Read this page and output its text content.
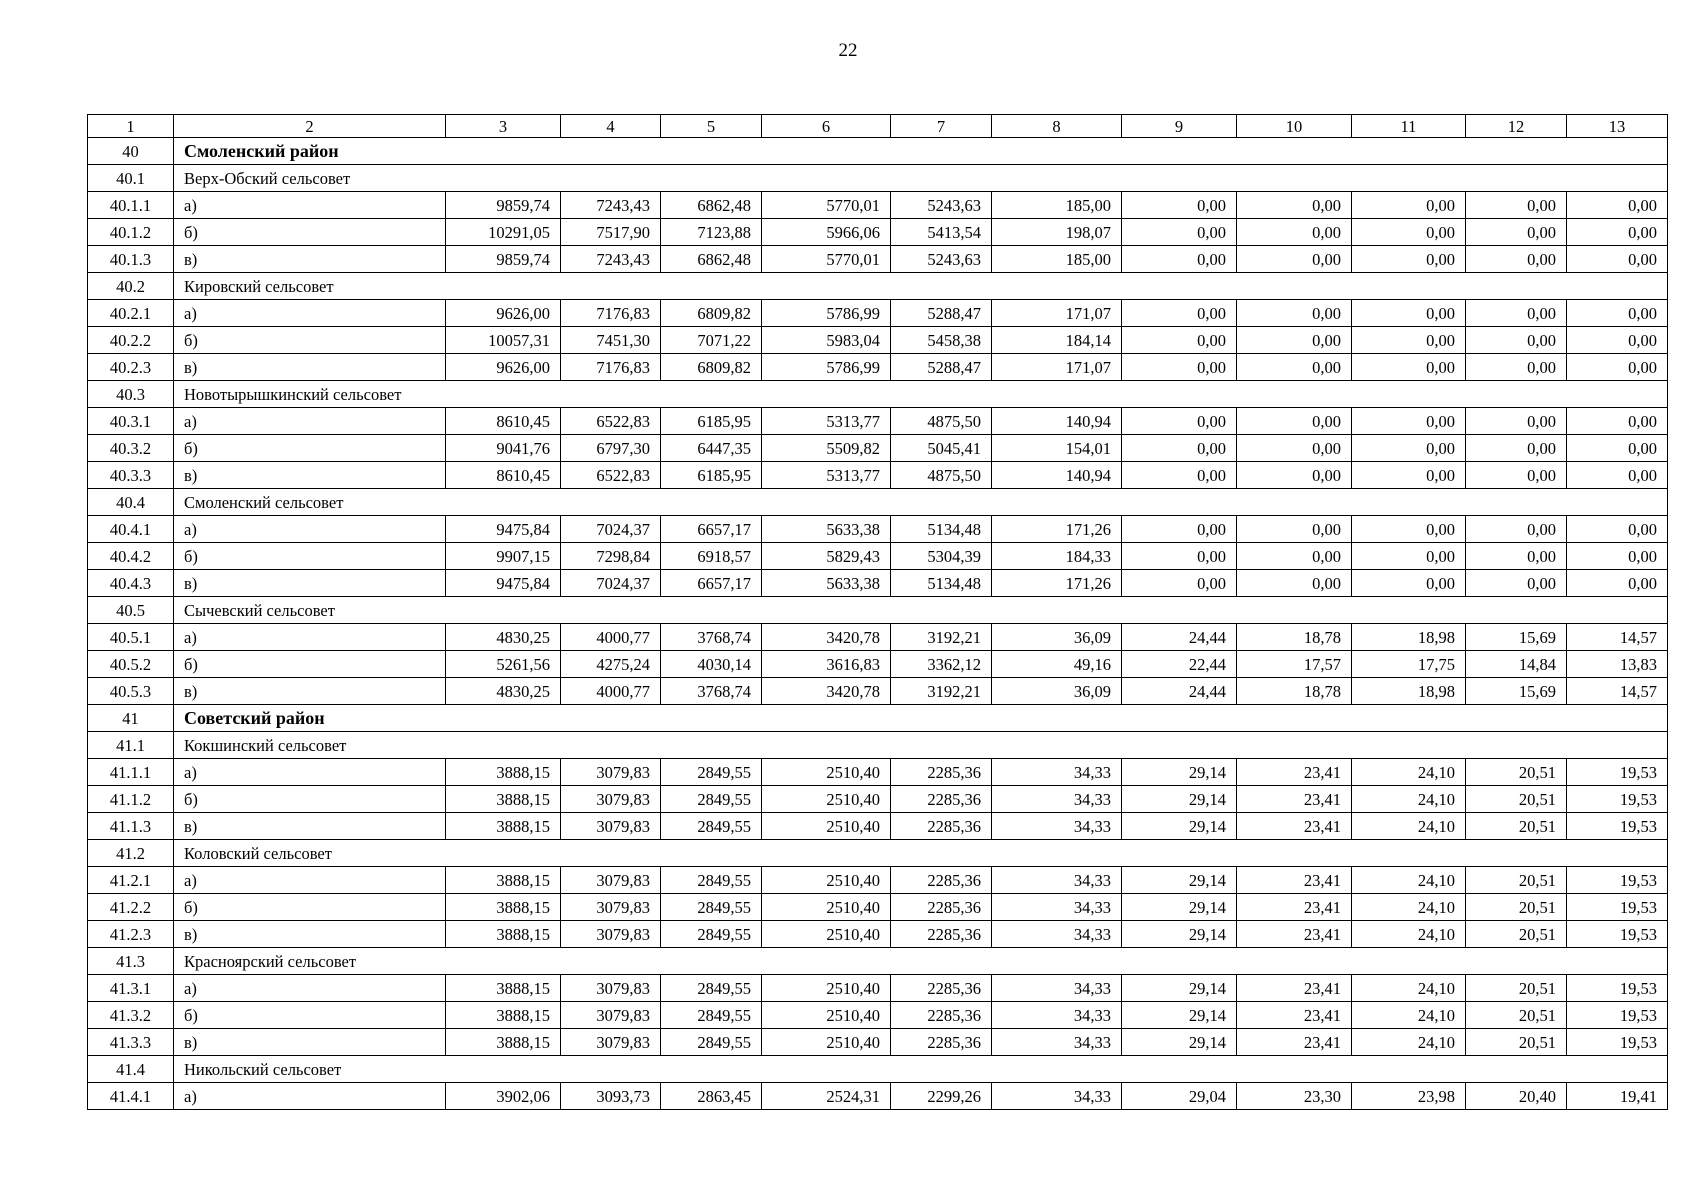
22
1	2	3	4	5	6	7	8	9	10	11	12	13
40	Смоленский район											
40.1	Верх-Обский сельсовет											
40.1.1	а)	9859,74	7243,43	6862,48	5770,01	5243,63	185,00	0,00	0,00	0,00	0,00	0,00
40.1.2	б)	10291,05	7517,90	7123,88	5966,06	5413,54	198,07	0,00	0,00	0,00	0,00	0,00
40.1.3	в)	9859,74	7243,43	6862,48	5770,01	5243,63	185,00	0,00	0,00	0,00	0,00	0,00
40.2	Кировский сельсовет											
40.2.1	а)	9626,00	7176,83	6809,82	5786,99	5288,47	171,07	0,00	0,00	0,00	0,00	0,00
40.2.2	б)	10057,31	7451,30	7071,22	5983,04	5458,38	184,14	0,00	0,00	0,00	0,00	0,00
40.2.3	в)	9626,00	7176,83	6809,82	5786,99	5288,47	171,07	0,00	0,00	0,00	0,00	0,00
40.3	Новотырышкинский сельсовет											
40.3.1	а)	8610,45	6522,83	6185,95	5313,77	4875,50	140,94	0,00	0,00	0,00	0,00	0,00
40.3.2	б)	9041,76	6797,30	6447,35	5509,82	5045,41	154,01	0,00	0,00	0,00	0,00	0,00
40.3.3	в)	8610,45	6522,83	6185,95	5313,77	4875,50	140,94	0,00	0,00	0,00	0,00	0,00
40.4	Смоленский сельсовет											
40.4.1	а)	9475,84	7024,37	6657,17	5633,38	5134,48	171,26	0,00	0,00	0,00	0,00	0,00
40.4.2	б)	9907,15	7298,84	6918,57	5829,43	5304,39	184,33	0,00	0,00	0,00	0,00	0,00
40.4.3	в)	9475,84	7024,37	6657,17	5633,38	5134,48	171,26	0,00	0,00	0,00	0,00	0,00
40.5	Сычевский сельсовет											
40.5.1	а)	4830,25	4000,77	3768,74	3420,78	3192,21	36,09	24,44	18,78	18,98	15,69	14,57
40.5.2	б)	5261,56	4275,24	4030,14	3616,83	3362,12	49,16	22,44	17,57	17,75	14,84	13,83
40.5.3	в)	4830,25	4000,77	3768,74	3420,78	3192,21	36,09	24,44	18,78	18,98	15,69	14,57
41	Советский район											
41.1	Кокшинский сельсовет											
41.1.1	а)	3888,15	3079,83	2849,55	2510,40	2285,36	34,33	29,14	23,41	24,10	20,51	19,53
41.1.2	б)	3888,15	3079,83	2849,55	2510,40	2285,36	34,33	29,14	23,41	24,10	20,51	19,53
41.1.3	в)	3888,15	3079,83	2849,55	2510,40	2285,36	34,33	29,14	23,41	24,10	20,51	19,53
41.2	Коловский сельсовет											
41.2.1	а)	3888,15	3079,83	2849,55	2510,40	2285,36	34,33	29,14	23,41	24,10	20,51	19,53
41.2.2	б)	3888,15	3079,83	2849,55	2510,40	2285,36	34,33	29,14	23,41	24,10	20,51	19,53
41.2.3	в)	3888,15	3079,83	2849,55	2510,40	2285,36	34,33	29,14	23,41	24,10	20,51	19,53
41.3	Красноярский сельсовет											
41.3.1	а)	3888,15	3079,83	2849,55	2510,40	2285,36	34,33	29,14	23,41	24,10	20,51	19,53
41.3.2	б)	3888,15	3079,83	2849,55	2510,40	2285,36	34,33	29,14	23,41	24,10	20,51	19,53
41.3.3	в)	3888,15	3079,83	2849,55	2510,40	2285,36	34,33	29,14	23,41	24,10	20,51	19,53
41.4	Никольский сельсовет											
41.4.1	а)	3902,06	3093,73	2863,45	2524,31	2299,26	34,33	29,04	23,30	23,98	20,40	19,41
